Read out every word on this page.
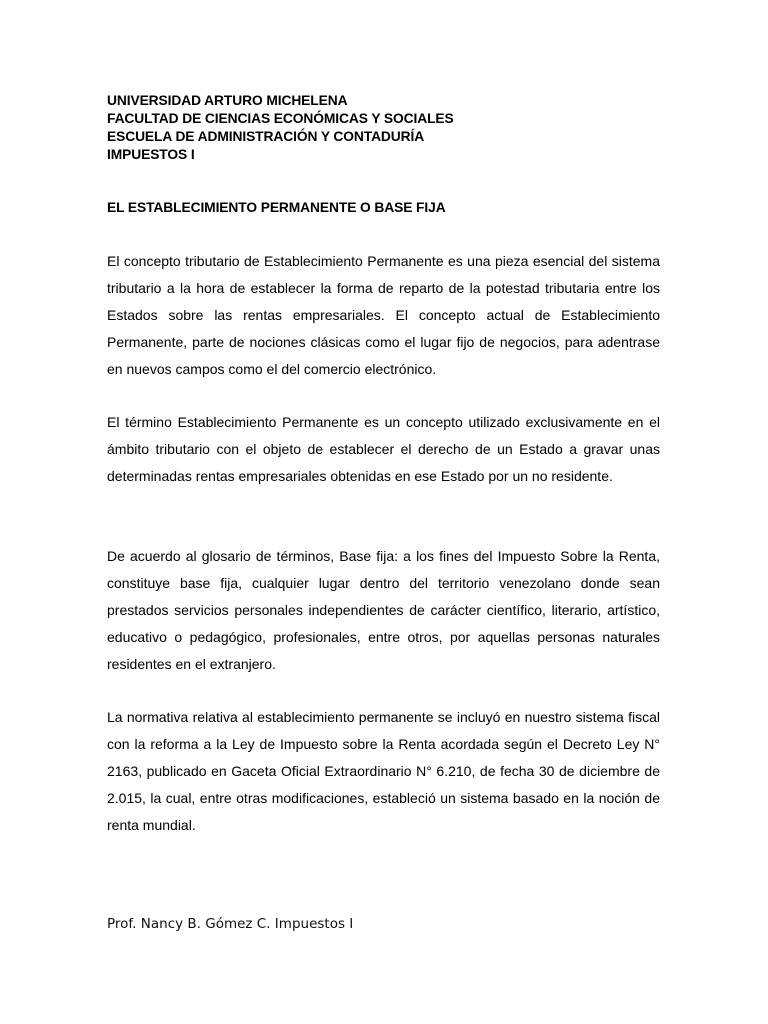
UNIVERSIDAD ARTURO MICHELENA
FACULTAD DE CIENCIAS ECONÓMICAS Y SOCIALES
ESCUELA DE ADMINISTRACIÓN Y CONTADURÍA
IMPUESTOS I
EL ESTABLECIMIENTO PERMANENTE O BASE FIJA

El concepto tributario de Establecimiento Permanente es una pieza esencial del sistema tributario a la hora de establecer la forma de reparto de la potestad tributaria entre los Estados sobre las rentas empresariales. El concepto actual de Establecimiento Permanente, parte de nociones clásicas como el lugar fijo de negocios, para adentrase en nuevos campos como el del comercio electrónico.

El término Establecimiento Permanente es un concepto utilizado exclusivamente en el ámbito tributario con el objeto de establecer el derecho de un Estado a gravar unas determinadas rentas empresariales obtenidas en ese Estado por un no residente.

De acuerdo al glosario de términos, Base fija: a los fines del Impuesto Sobre la Renta, constituye base fija, cualquier lugar dentro del territorio venezolano donde sean prestados servicios personales independientes de carácter científico, literario, artístico, educativo o pedagógico, profesionales, entre otros, por aquellas personas naturales residentes en el extranjero.

La normativa relativa al establecimiento permanente se incluyó en nuestro sistema fiscal con la reforma a la Ley de Impuesto sobre la Renta acordada según el Decreto Ley N° 2163, publicado en Gaceta Oficial Extraordinario N° 6.210, de fecha 30 de diciembre de 2.015, la cual, entre otras modificaciones, estableció un sistema basado en la noción de renta mundial.

Prof. Nancy B. Gómez C. Impuestos I
